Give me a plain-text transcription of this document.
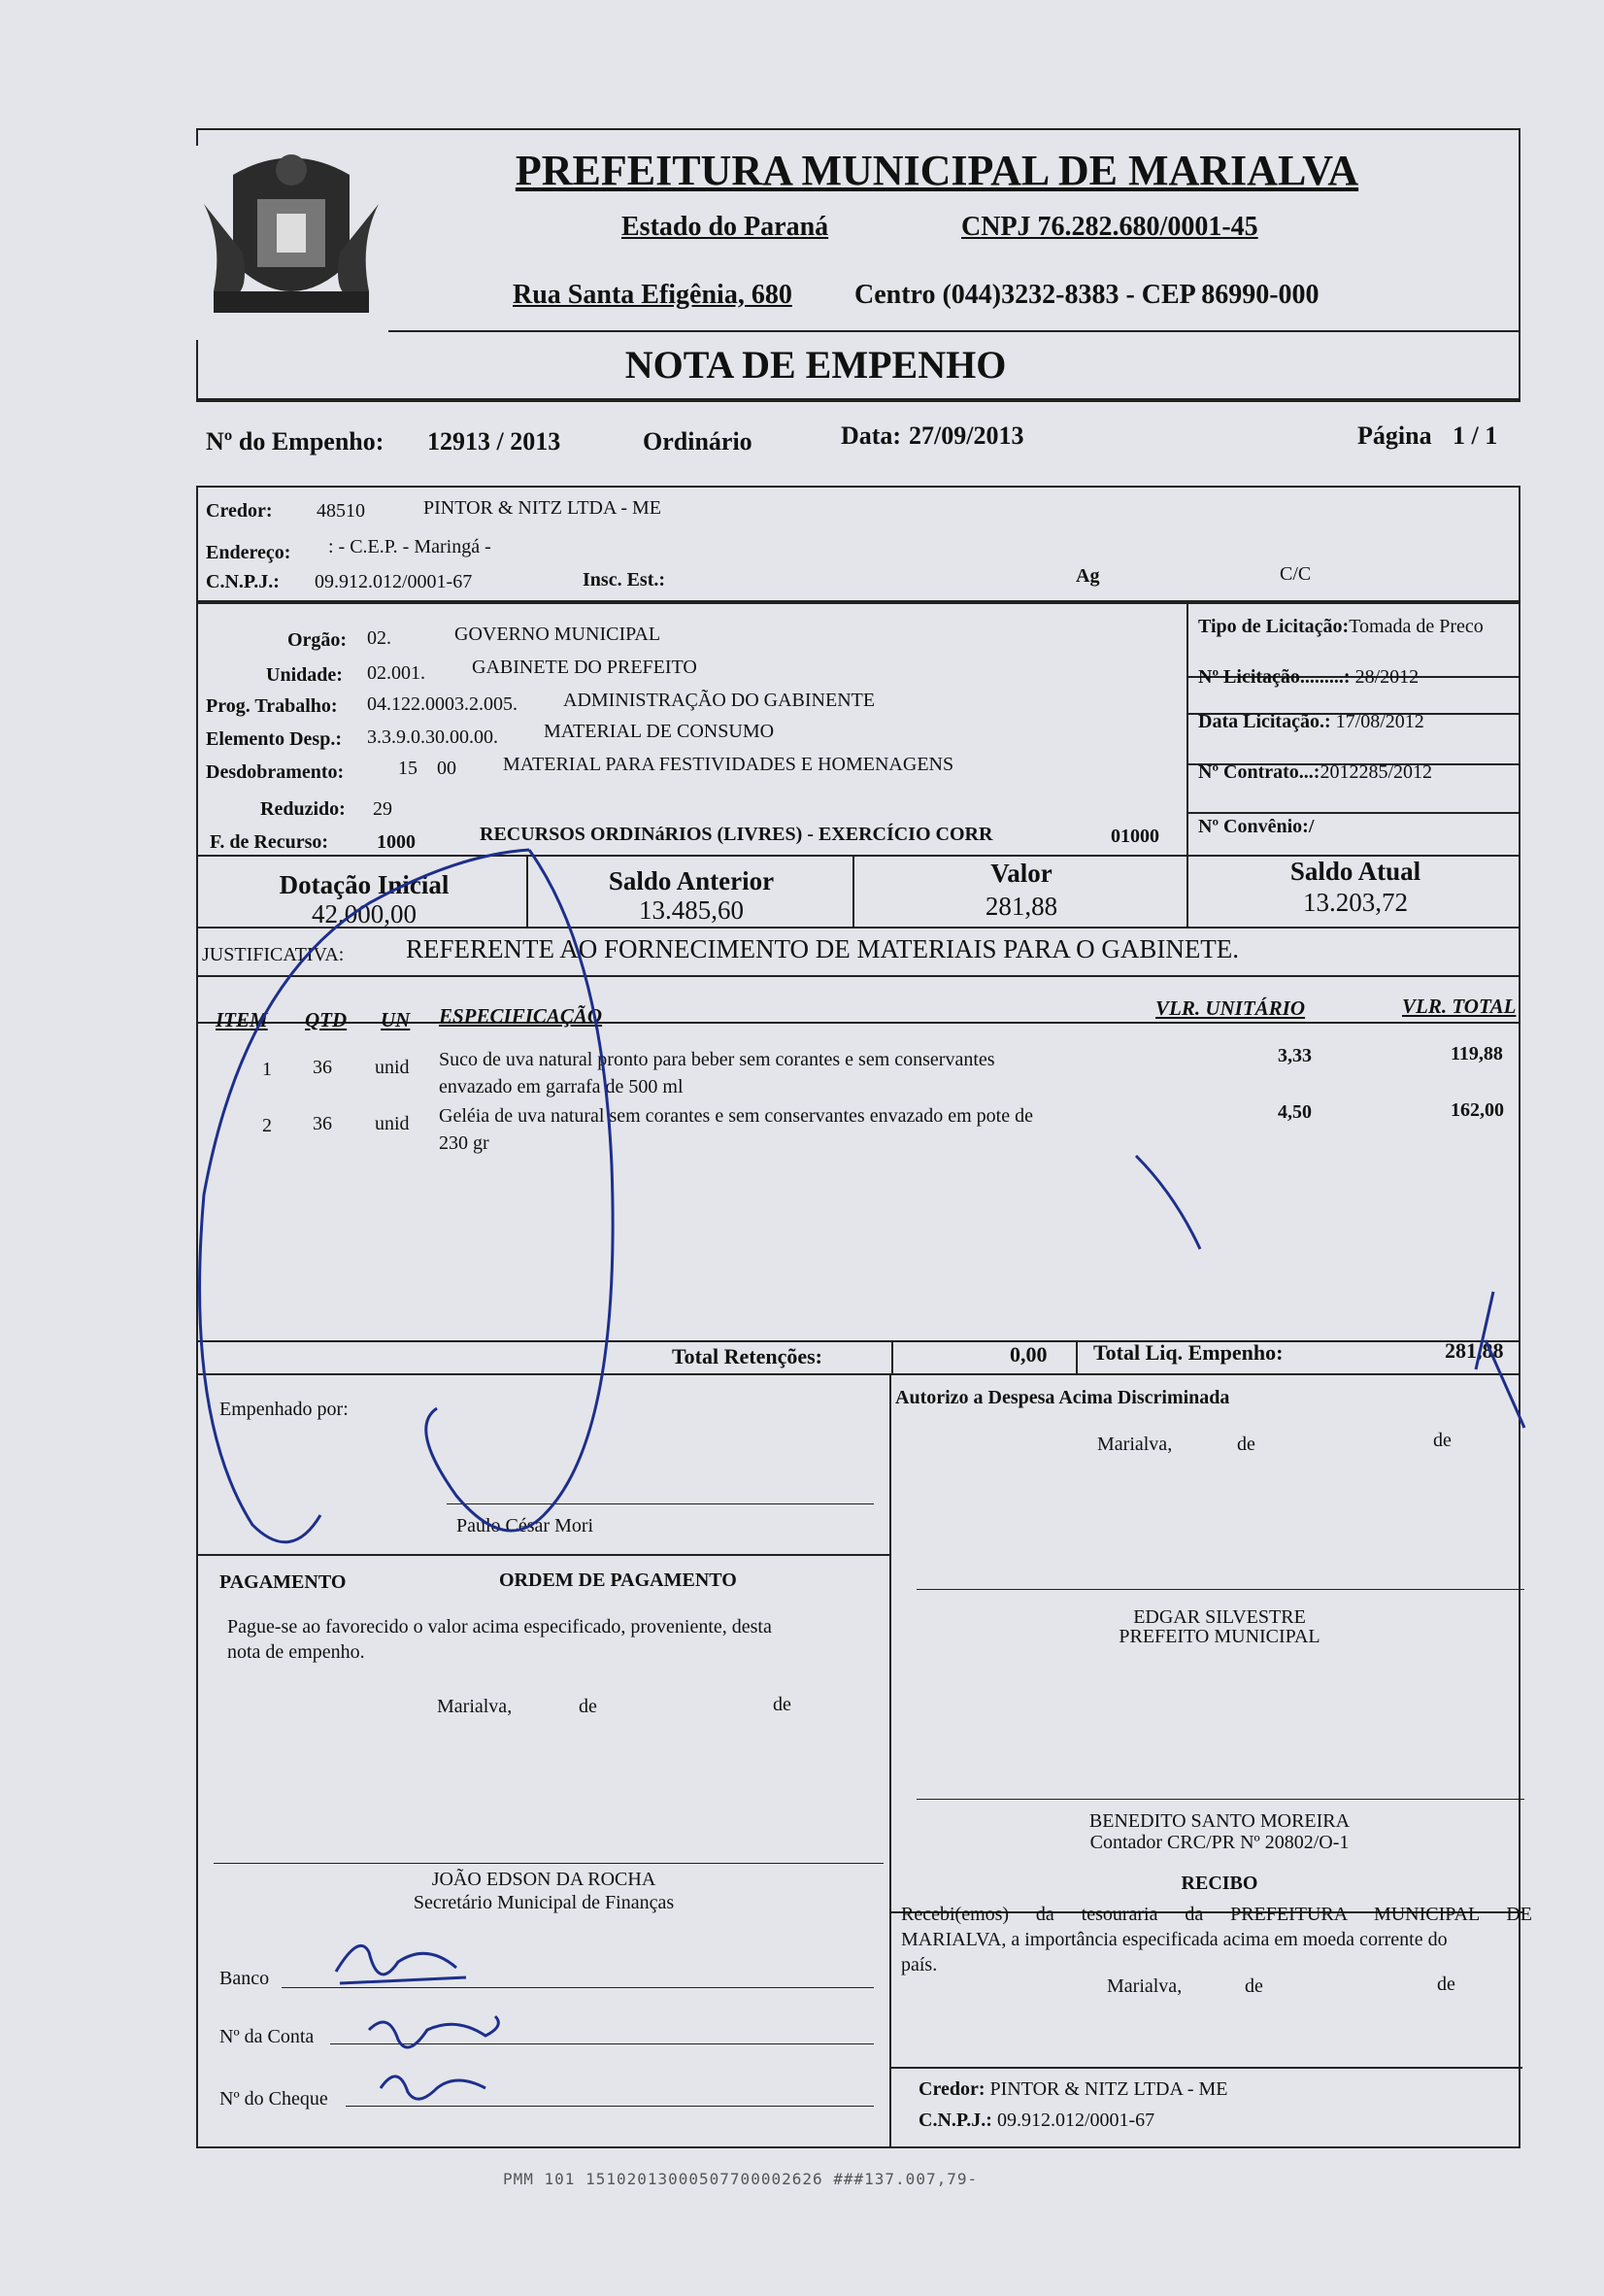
PREFEITURA MUNICIPAL DE MARIALVA
Estado do Paraná	CNPJ 76.282.680/0001-45
Rua Santa Efigênia, 680 Centro (044)3232-8383 - CEP 86990-000
NOTA DE EMPENHO
Nº do Empenho: 12913 / 2013	Ordinário	Data: 27/09/2013	Página 1 / 1
Credor: 48510	PINTOR & NITZ LTDA - ME
Endereço: : - C.E.P. - Maringá -
C.N.P.J.: 09.912.012/0001-67	Insc. Est.:	Ag	C/C
Orgão: 02.	GOVERNO MUNICIPAL
Unidade: 02.001. GABINETE DO PREFEITO
Prog. Trabalho: 04.122.0003.2.005. ADMINISTRAÇÃO DO GABINENTE
Elemento Desp.: 3.3.9.0.30.00.00. MATERIAL DE CONSUMO
Desdobramento:	15 00 MATERIAL PARA FESTIVIDADES E HOMENAGENS
Reduzido: 29
F. de Recurso: 1000	RECURSOS ORDINáRIOS (LIVRES) - EXERCÍCIO CORR	01000
Tipo de Licitação:Tomada de Preco
Nº Licitação.........: 28/2012
Data Licitação.: 17/08/2012
Nº Contrato...:2012285/2012
Nº Convênio:/
Dotação Inicial
42.000,00
Saldo Anterior
13.485,60
Valor
281,88
Saldo Atual
13.203,72
JUSTIFICATIVA: REFERENTE AO FORNECIMENTO DE MATERIAIS PARA O GABINETE.
ITEM QTD UN ESPECIFICAÇÃO	VLR. UNITÁRIO	VLR. TOTAL
1 36 unid Suco de uva natural pronto para beber sem corantes e sem conservantes
envazado em garrafa de 500 ml
3,33	119,88
2 36 unid Geléia de uva natural sem corantes e sem conservantes envazado em pote de
230 gr
4,50	162,00
Total Retenções:	0,00 Total Liq. Empenho:	281,88
Empenhado por:
Paulo César Mori
Autorizo a Despesa Acima Discriminada
Marialva,	de	de
PAGAMENTO	ORDEM DE PAGAMENTO
Pague-se ao favorecido o valor acima especificado, proveniente, desta
nota de empenho.
Marialva,	de	de
EDGAR SILVESTRE
PREFEITO MUNICIPAL
BENEDITO SANTO MOREIRA
Contador CRC/PR Nº 20802/O-1
JOÃO EDSON DA ROCHA
Secretário Municipal de Finanças
RECIBO
Recebi(emos) da tesouraria da PREFEITURA MUNICIPAL DE
MARIALVA, a importância especificada acima em moeda corrente do
país.
Marialva,	de	de
Banco
Nº da Conta
Nº do Cheque	Credor: PINTOR & NITZ LTDA - ME
C.N.P.J.: 09.912.012/0001-67
PMM 101 15102013000507700002626 ###137.007,79-
